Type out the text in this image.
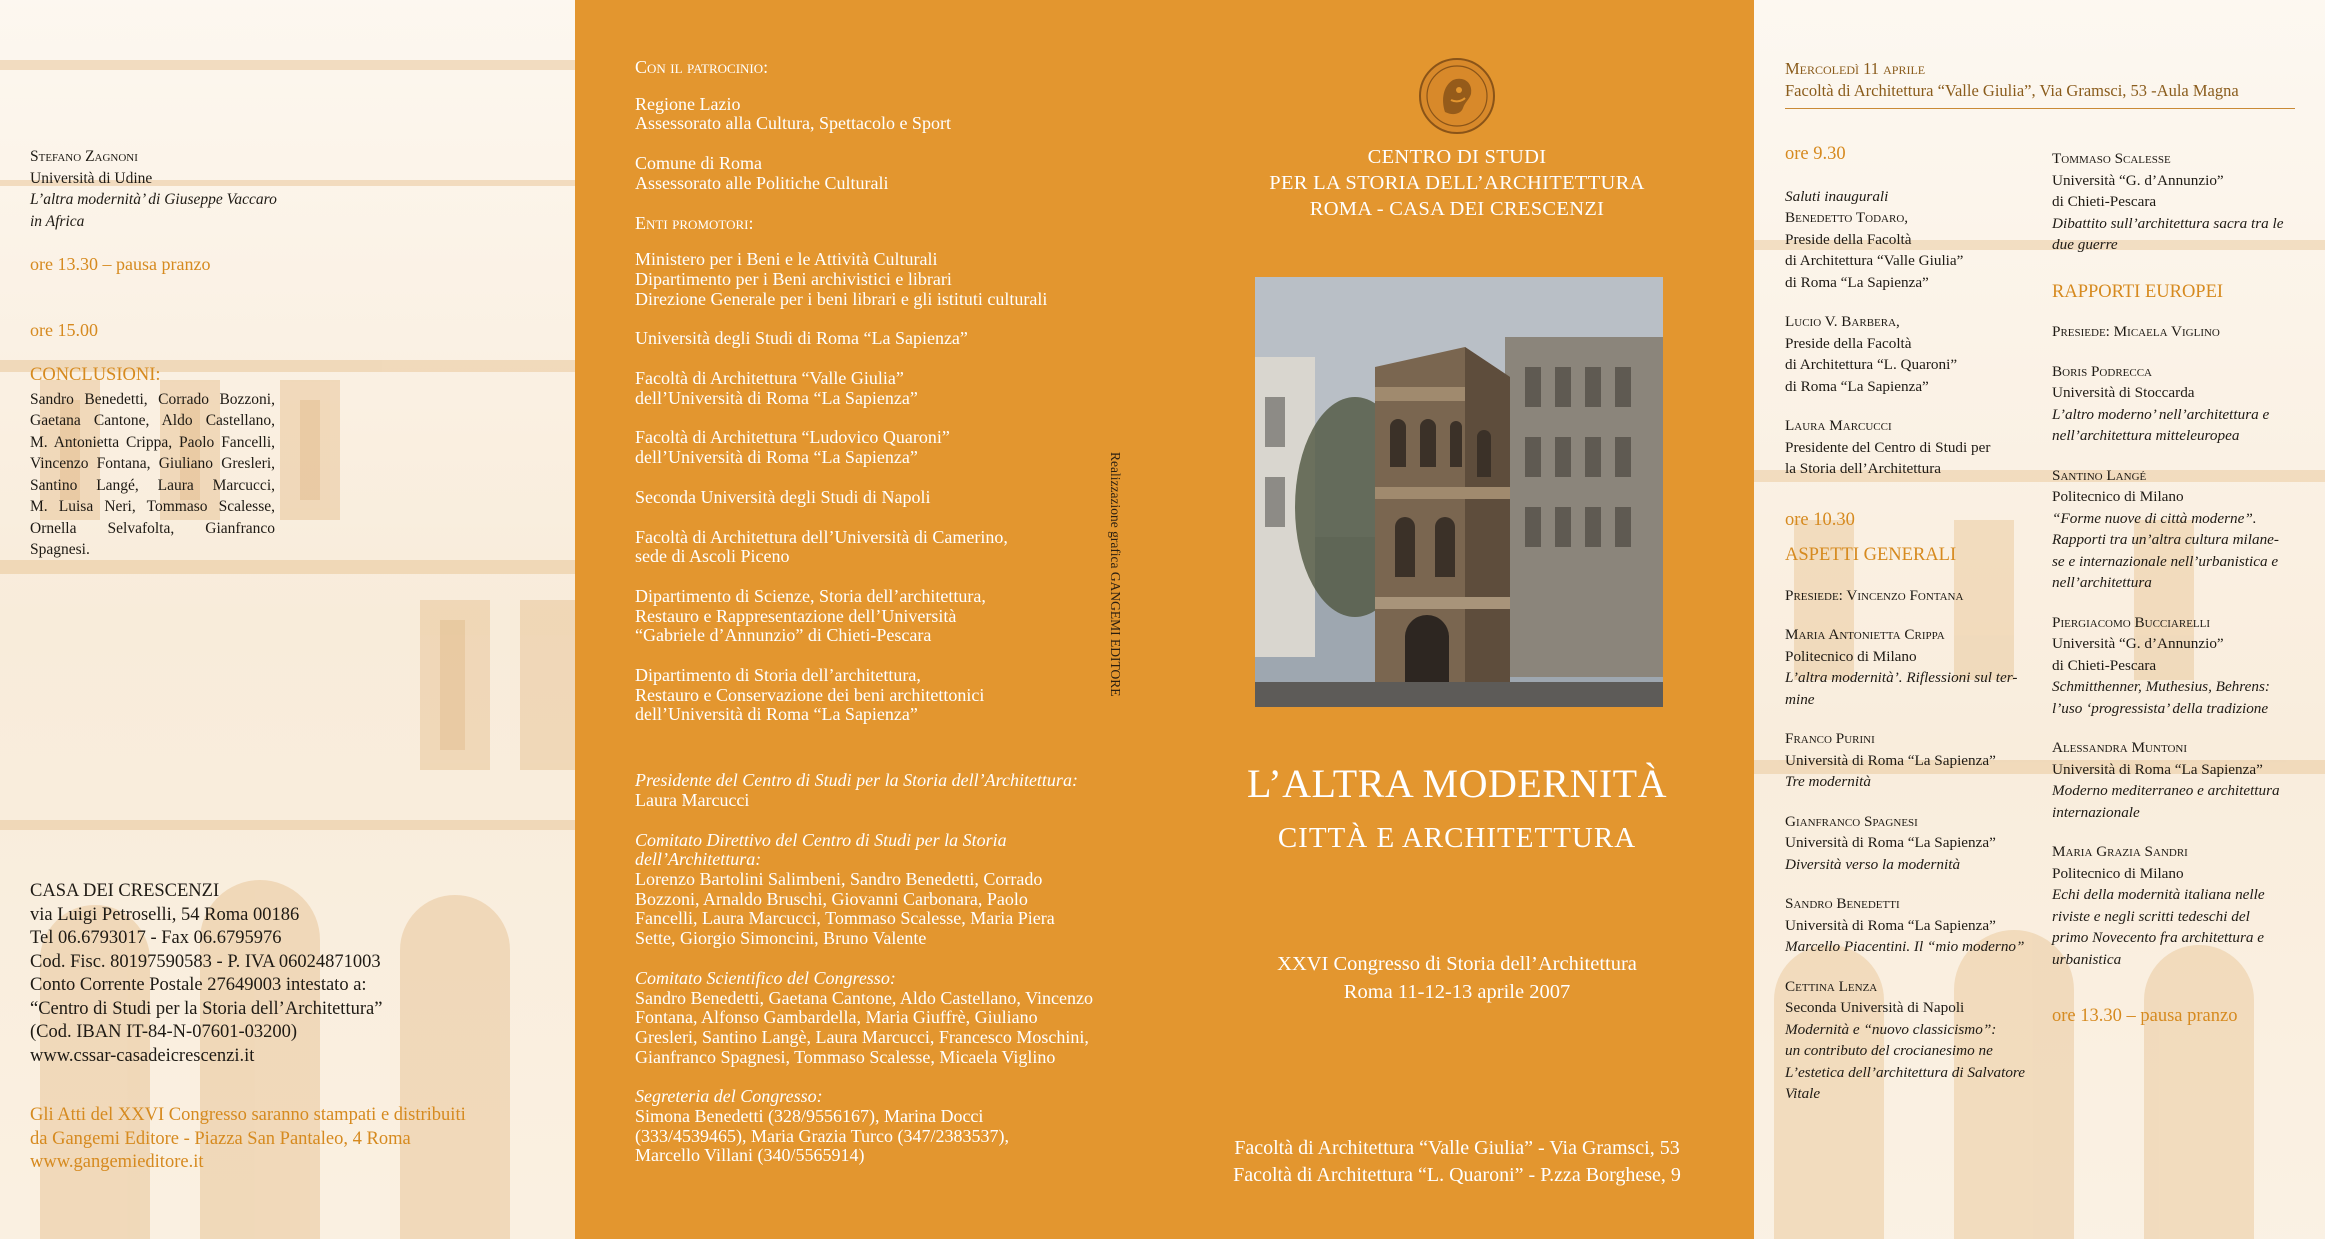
Stefano Zagnoni
Università di Udine
L’altra modernità’ di Giuseppe Vaccaro
in Africa
ore 13.30 – pausa pranzo
ore 15.00
CONCLUSIONI:
Sandro Benedetti, Corrado Bozzoni,
Gaetana Cantone, Aldo Castellano,
M. Antonietta Crippa, Paolo Fancelli,
Vincenzo Fontana, Giuliano Gresleri,
Santino Langé, Laura Marcucci,
M. Luisa Neri, Tommaso Scalesse,
Ornella Selvafolta, Gianfranco
Spagnesi.
CASA DEI CRESCENZI
via Luigi Petroselli, 54 Roma 00186
Tel 06.6793017 - Fax 06.6795976
Cod. Fisc. 80197590583 - P. IVA 06024871003
Conto Corrente Postale 27649003 intestato a:
“Centro di Studi per la Storia dell’Architettura”
(Cod. IBAN IT-84-N-07601-03200)
www.cssar-casadeicrescenzi.it
Gli Atti del XXVI Congresso saranno stampati e distribuiti
da Gangemi Editore - Piazza San Pantaleo, 4 Roma
www.gangemieditore.it
Con il patrocinio:
Regione Lazio
Assessorato alla Cultura, Spettacolo e Sport
Comune di Roma
Assessorato alle Politiche Culturali
Enti promotori:
Ministero per i Beni e le Attività Culturali
Dipartimento per i Beni archivistici e librari
Direzione Generale per i beni librari e gli istituti culturali
Università degli Studi di Roma “La Sapienza”
Facoltà di Architettura “Valle Giulia”
dell’Università di Roma “La Sapienza”
Facoltà di Architettura “Ludovico Quaroni”
dell’Università di Roma “La Sapienza”
Seconda Università degli Studi di Napoli
Facoltà di Architettura dell’Università di Camerino,
sede di Ascoli Piceno
Dipartimento di Scienze, Storia dell’architettura,
Restauro e Rappresentazione dell’Università
“Gabriele d’Annunzio” di Chieti-Pescara
Dipartimento di Storia dell’architettura,
Restauro e Conservazione dei beni architettonici
dell’Università di Roma “La Sapienza”
Presidente del Centro di Studi per la Storia dell’Architettura:
Laura Marcucci
Comitato Direttivo del Centro di Studi per la Storia
dell’Architettura:
Lorenzo Bartolini Salimbeni, Sandro Benedetti, Corrado
Bozzoni, Arnaldo Bruschi, Giovanni Carbonara, Paolo
Fancelli, Laura Marcucci, Tommaso Scalesse, Maria Piera
Sette, Giorgio Simoncini, Bruno Valente
Comitato Scientifico del Congresso:
Sandro Benedetti, Gaetana Cantone, Aldo Castellano, Vincenzo
Fontana, Alfonso Gambardella, Maria Giuffrè, Giuliano
Gresleri, Santino Langè, Laura Marcucci, Francesco Moschini,
Gianfranco Spagnesi, Tommaso Scalesse, Micaela Viglino
Segreteria del Congresso:
Simona Benedetti (328/9556167), Marina Docci
(333/4539465), Maria Grazia Turco (347/2383537),
Marcello Villani (340/5565914)
Realizzazione grafica GANGEMI EDITORE
CENTRO DI STUDI
PER LA STORIA DELL’ARCHITETTURA
ROMA - CASA DEI CRESCENZI
L’ALTRA MODERNITÀ
CITTÀ E ARCHITETTURA
XXVI Congresso di Storia dell’Architettura
Roma 11-12-13 aprile 2007
Facoltà di Architettura “Valle Giulia” - Via Gramsci, 53
Facoltà di Architettura “L. Quaroni” - P.zza Borghese, 9
Mercoledì 11 aprile
Facoltà di Architettura “Valle Giulia”, Via Gramsci, 53 -Aula Magna
ore 9.30
Saluti inaugurali
Benedetto Todaro,
Preside della Facoltà
di Architettura “Valle Giulia”
di Roma “La Sapienza”
Lucio V. Barbera,
Preside della Facoltà
di Architettura “L. Quaroni”
di Roma “La Sapienza”
Laura Marcucci
Presidente del Centro di Studi per
la Storia dell’Architettura
ore 10.30
ASPETTI GENERALI
Presiede: Vincenzo Fontana
Maria Antonietta Crippa
Politecnico di Milano
L’altra modernità’. Riflessioni sul ter-
mine
Franco Purini
Università di Roma “La Sapienza”
Tre modernità
Gianfranco Spagnesi
Università di Roma “La Sapienza”
Diversità verso la modernità
Sandro Benedetti
Università di Roma “La Sapienza”
Marcello Piacentini. Il “mio moderno”
Cettina Lenza
Seconda Università di Napoli
Modernità e “nuovo classicismo”:
un contributo del crocianesimo ne
L’estetica dell’architettura di Salvatore
Vitale
Tommaso Scalesse
Università “G. d’Annunzio”
di Chieti-Pescara
Dibattito sull’architettura sacra tra le
due guerre
RAPPORTI EUROPEI
Presiede: Micaela Viglino
Boris Podrecca
Università di Stoccarda
L’altro moderno’ nell’architettura e
nell’architettura mitteleuropea
Santino Langé
Politecnico di Milano
“Forme nuove di città moderne”.
Rapporti tra un’altra cultura milane-
se e internazionale nell’urbanistica e
nell’architettura
Piergiacomo Bucciarelli
Università “G. d’Annunzio”
di Chieti-Pescara
Schmitthenner, Muthesius, Behrens:
l’uso ‘progressista’ della tradizione
Alessandra Muntoni
Università di Roma “La Sapienza”
Moderno mediterraneo e architettura
internazionale
Maria Grazia Sandri
Politecnico di Milano
Echi della modernità italiana nelle
riviste e negli scritti tedeschi del
primo Novecento fra architettura e
urbanistica
ore 13.30 – pausa pranzo
